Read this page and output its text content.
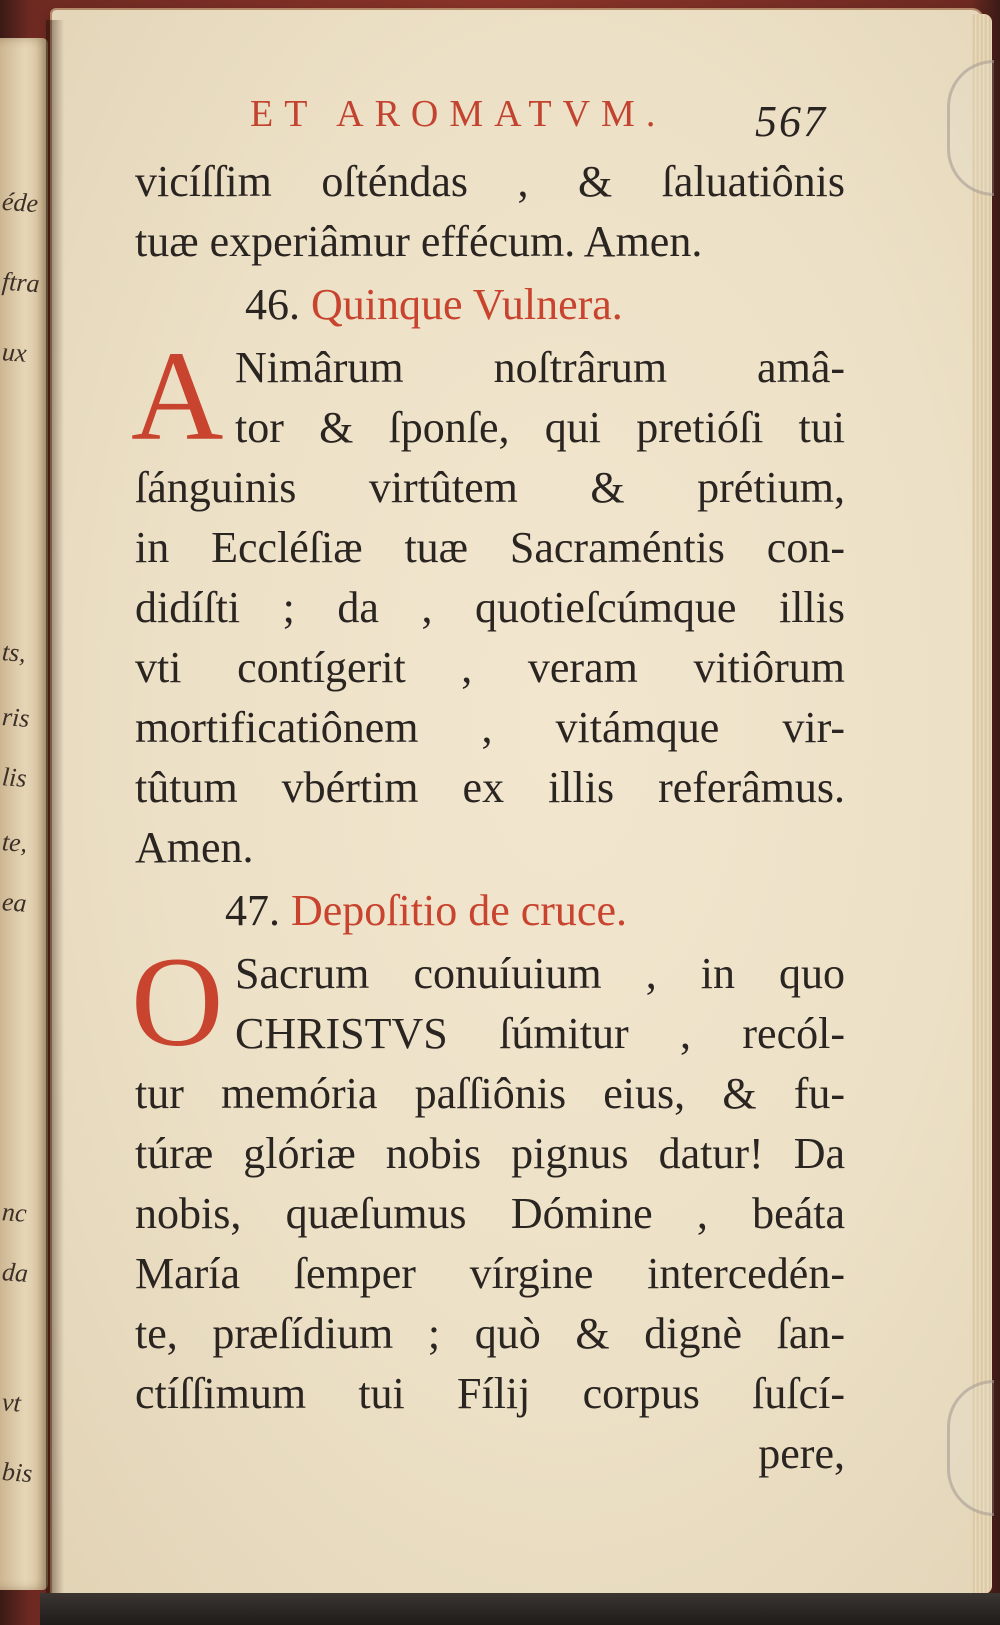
éde
ftra
ux
ts,
ris
lis
te,
ea
nc
da
vt
bis
ET AROMATVM. 567
vicíſſim oſténdas , & ſaluatiônis
tuæ experiâmur effécum. Amen.
46. Quinque Vulnera.
A Nimârum noſtrârum amâ-
tor & ſponſe, qui pretióſi tui
ſánguinis virtûtem & prétium,
in Eccléſiæ tuæ Sacraméntis con-
didíſti ; da , quotieſcúmque illis
vti contígerit , veram vitiôrum
mortificatiônem , vitámque vir-
tûtum vbértim ex illis referâmus.
Amen.
47. Depoſitio de cruce.
O Sacrum conuíuium , in quo
CHRISTVS ſúmitur , recól-
tur memória paſſiônis eius, & fu-
túræ glóriæ nobis pignus datur! Da
nobis, quæſumus Dómine , beáta
María ſemper vírgine intercedén-
te, præſídium ; quò & dignè ſan-
ctíſſimum tui Fílij corpus ſuſcí-
pere,
